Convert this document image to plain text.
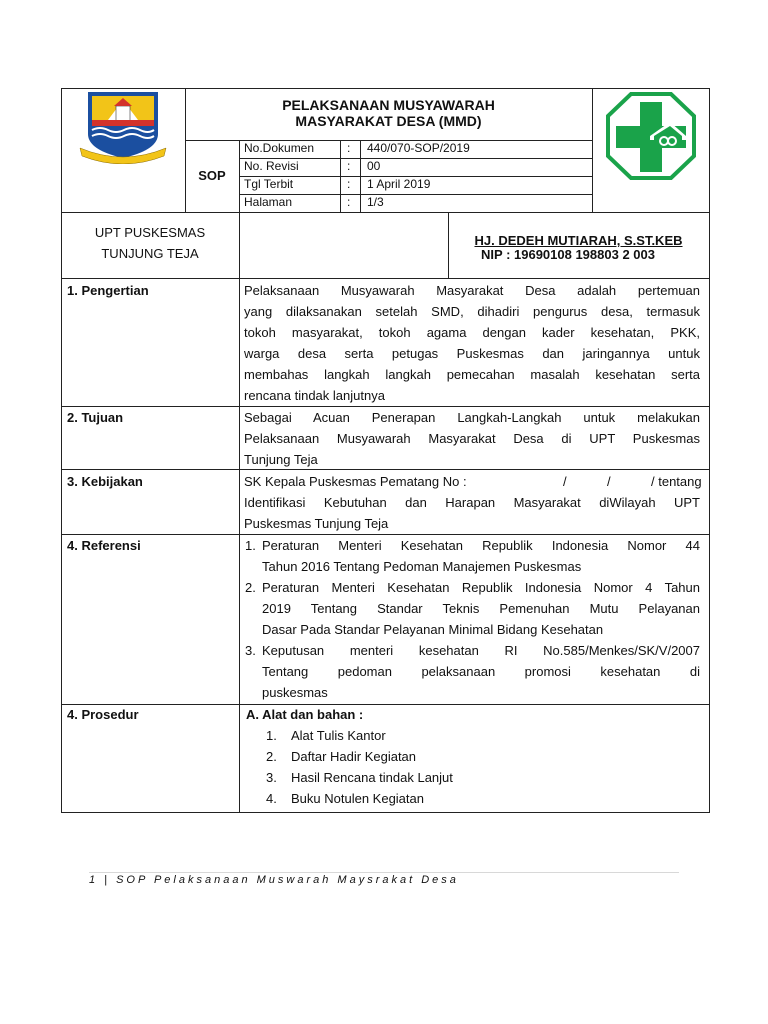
PELAKSANAAN MUSYAWARAH
MASYARAKAT DESA (MMD)
SOP
No.Dokumen	: 440/070-SOP/2019
No. Revisi	: 00
Tgl Terbit	: 1 April 2019
Halaman	: 1/3
UPT PUSKESMAS
TUNJUNG TEJA
HJ. DEDEH MUTIARAH, S.ST.KEB
NIP : 19690108 198803 2 003
1. Pengertian	Pelaksanaan Musyawarah Masyarakat Desa adalah pertemuan
yang dilaksanakan setelah SMD, dihadiri pengurus desa, termasuk
tokoh masyarakat, tokoh agama dengan kader kesehatan, PKK,
warga desa serta petugas Puskesmas dan jaringannya untuk
membahas langkah langkah pemecahan masalah kesehatan serta
rencana tindak lanjutnya
2. Tujuan	Sebagai Acuan Penerapan Langkah-Langkah untuk melakukan
Pelaksanaan Musyawarah Masyarakat Desa di UPT Puskesmas
Tunjung Teja
3. Kebijakan	SK Kepala Puskesmas Pematang No :	/	/	/ tentang
Identifikasi Kebutuhan dan Harapan Masyarakat diWilayah UPT
Puskesmas Tunjung Teja
4. Referensi	1. Peraturan Menteri Kesehatan Republik Indonesia Nomor 44
Tahun 2016 Tentang Pedoman Manajemen Puskesmas
2. Peraturan Menteri Kesehatan Republik Indonesia Nomor 4 Tahun
2019 Tentang Standar Teknis Pemenuhan Mutu Pelayanan
Dasar Pada Standar Pelayanan Minimal Bidang Kesehatan
3. Keputusan menteri kesehatan RI No.585/Menkes/SK/V/2007
Tentang pedoman pelaksanaan promosi kesehatan di
puskesmas
4. Prosedur	A. Alat dan bahan :
1. Alat Tulis Kantor
2. Daftar Hadir Kegiatan
3. Hasil Rencana tindak Lanjut
4. Buku Notulen Kegiatan
1 | SOP Pelaksanaan Muswarah Maysrakat Desa
